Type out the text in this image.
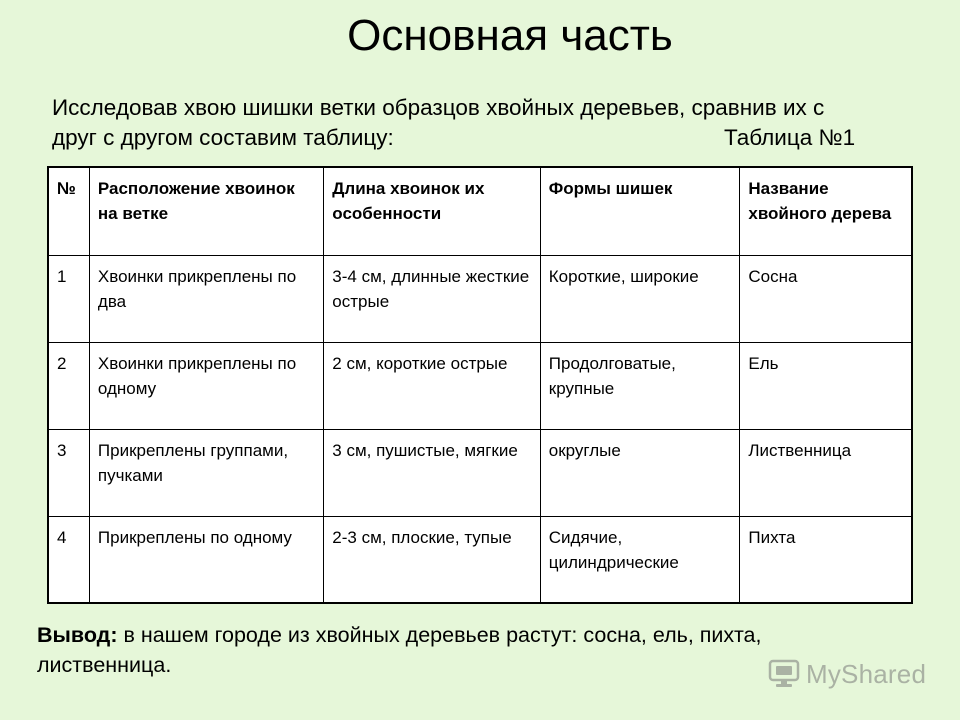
Основная часть
Исследовав хвою шишки ветки образцов хвойных деревьев, сравнив их с
друг с другом составим таблицу:	Таблица №1
№	Расположение хвоинок на ветке	Длина хвоинок их особенности	Формы шишек	Название хвойного дерева
1	Хвоинки прикреплены по два	3-4 см, длинные жесткие острые	Короткие, широкие	Сосна
2	Хвоинки прикреплены по одному	2 см, короткие острые	Продолговатые, крупные	Ель
3	Прикреплены группами, пучками	3 см, пушистые, мягкие	округлые	Лиственница
4	Прикреплены по одному	2-3 см, плоские, тупые	Сидячие, цилиндрические	Пихта
Вывод: в нашем городе из хвойных деревьев растут: сосна, ель, пихта, лиственница.	MyShared
